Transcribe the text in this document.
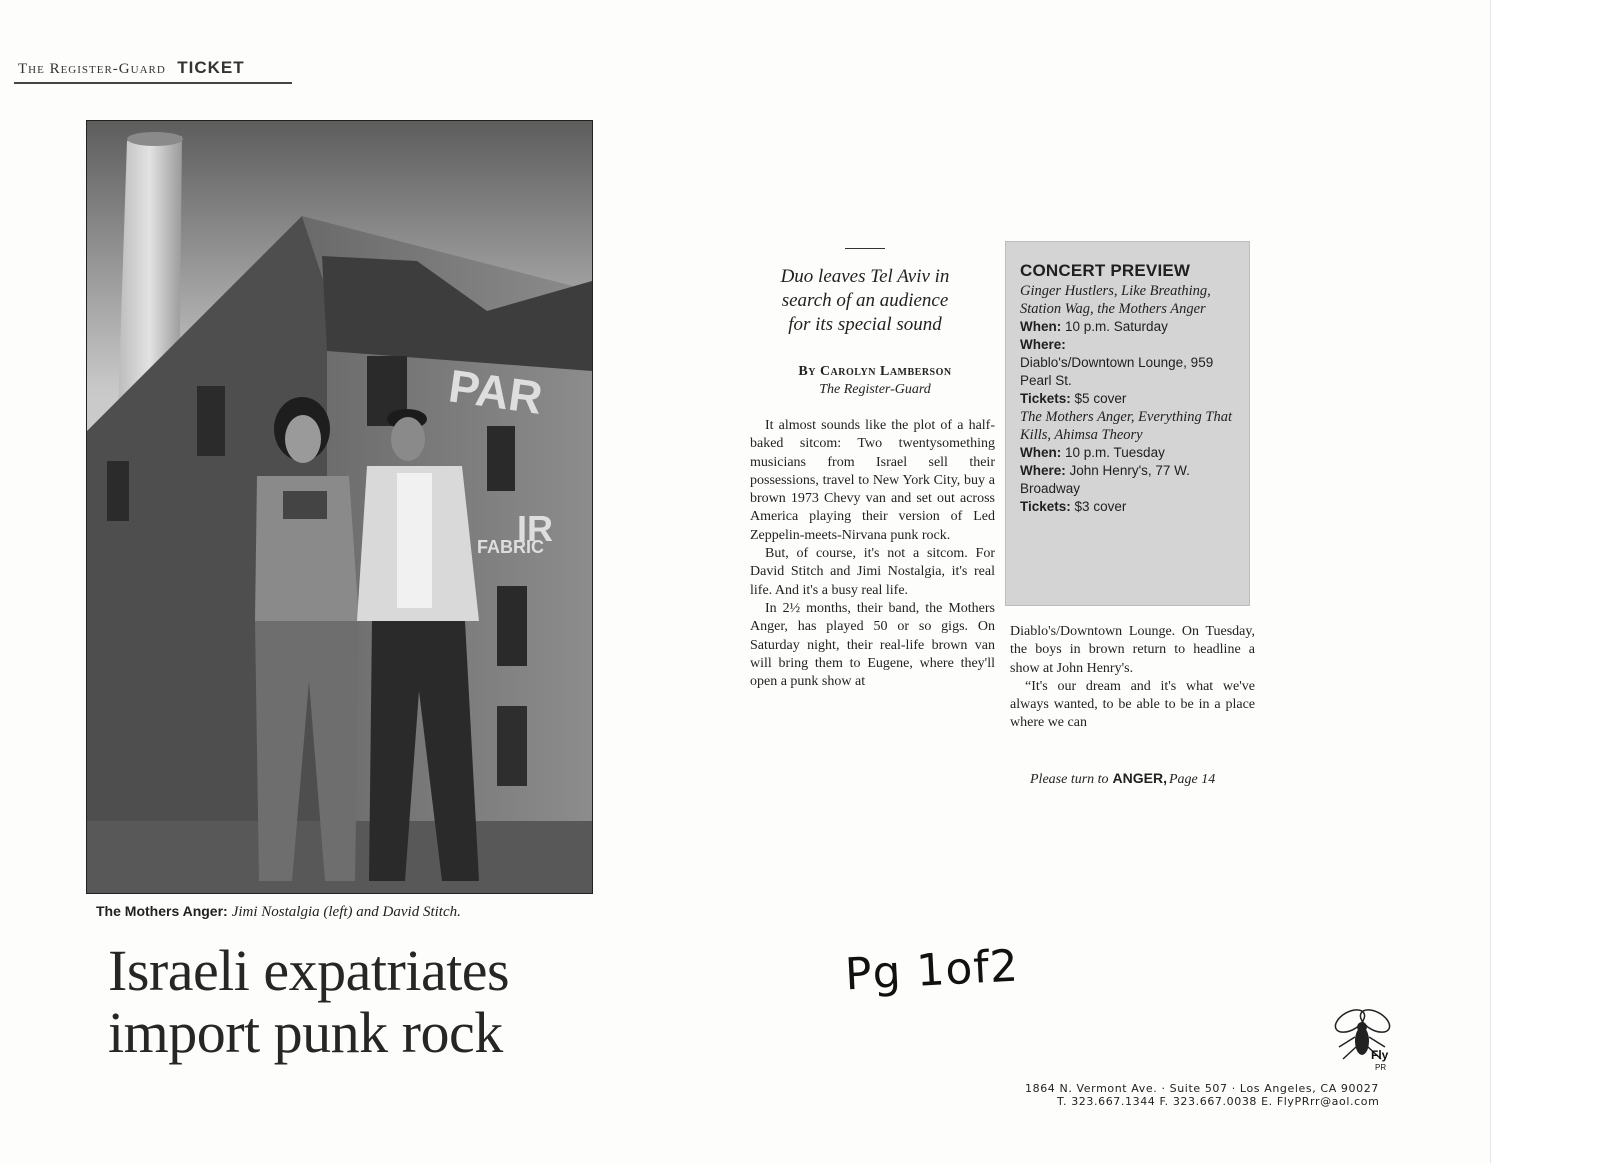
The Register-Guard TICKET
PAR
IR
FABRIC
The Mothers Anger: Jimi Nostalgia (left) and David Stitch.
Israeli expatriates
import punk rock
Duo leaves Tel Aviv in
search of an audience
for its special sound
By Carolyn Lamberson
The Register-Guard

It almost sounds like the plot of a half-baked sitcom: Two twentysomething musicians from Israel sell their possessions, travel to New York City, buy a brown 1973 Chevy van and set out across America playing their version of Led Zeppelin-meets-Nirvana punk rock.

But, of course, it's not a sitcom. For David Stitch and Jimi Nostalgia, it's real life. And it's a busy real life.

In 2½ months, their band, the Mothers Anger, has played 50 or so gigs. On Saturday night, their real-life brown van will bring them to Eugene, where they'll open a punk show at

CONCERT PREVIEW
Ginger Hustlers, Like Breathing, Station Wag, the Mothers Anger
When: 10 p.m. Saturday
Where:
Diablo's/Downtown Lounge, 959 Pearl St.
Tickets: $5 cover
The Mothers Anger, Everything That Kills, Ahimsa Theory
When: 10 p.m. Tuesday
Where: John Henry's, 77 W. Broadway
Tickets: $3 cover

Diablo's/Downtown Lounge. On Tuesday, the boys in brown return to headline a show at John Henry's.

“It's our dream and it's what we've always wanted, to be able to be in a place where we can

Please turn to ANGER, Page 14
Pg 1of2
Fly
PR
1864 N. Vermont Ave. · Suite 507 · Los Angeles, CA 90027
T. 323.667.1344 F. 323.667.0038 E. FlyPRrr@aol.com
